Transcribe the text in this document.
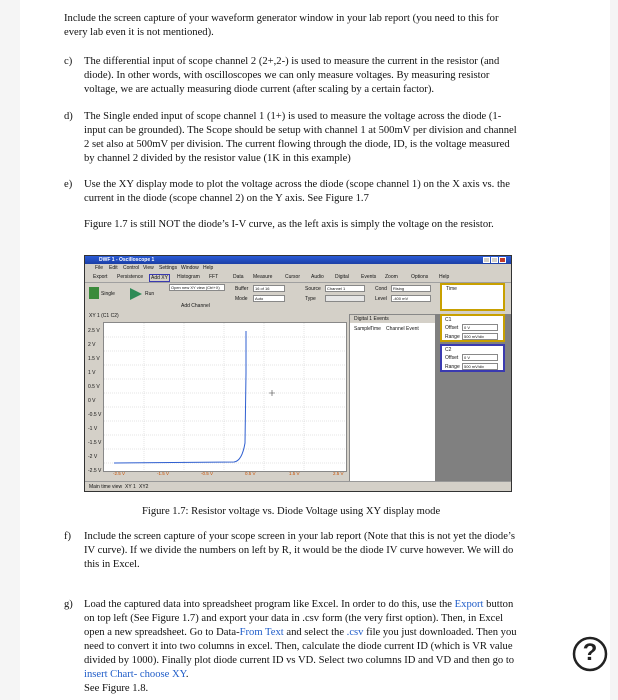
Include the screen capture of your waveform generator window in your lab report (you need to this for every lab even it is not mentioned).
c)	The differential input of scope channel 2 (2+,2-) is used to measure the current in the resistor (and diode). In other words, with oscilloscopes we can only measure voltages. By measuring resistor voltage, we are actually measuring diode current (after scaling by a certain factor).
d)	The Single ended input of scope channel 1 (1+) is used to measure the voltage across the diode (1- input can be grounded). The Scope should be setup with channel 1 at 500mV per division and channel 2 set also at 500mV per division. The current flowing through the diode, ID, is the voltage measured by channel 2 divided by the resistor value (1K in this example)
e)	Use the XY display mode to plot the voltage across the diode (scope channel 1) on the X axis vs. the current in the diode (scope channel 2) on the Y axis. See Figure 1.7
Figure 1.7 is still NOT the diode’s I-V curve, as the left axis is simply the voltage on the resistor.
DWF 1 - Oscilloscope 1
File Edit Control View Settings Window Help
Export Persistence	Add XY	Histogram FFT	Data Measure	Cursor Audio Digital Events Zoom	Options Help
Single	Run
Open new XY view (Ctrl+X)
Add Channel
Buffer	16 of 16
Mode	Auto
Source	Channel 1
Type
Cond	Rising
Level	-400 mV
Time
XY 1 (C1 C2)
2.5 V
2 V
1.5 V
1 V
0.5 V
0 V
-0.5 V
-1 V
-1.5 V
-2 V
-2.5 V	-2.5 V	-1.5 V	-0.5 V	0.5 V	1.5 V	2.5 V
Digital 1 Events
Sample Time Channel Event
C1
Offset	0 V
Range	500 mV/div
C2
Offset	0 V
Range	500 mV/div
Main time view XY 1 XY2
Figure 1.7: Resistor voltage vs. Diode Voltage using XY display mode
f)	Include the screen capture of your scope screen in your lab report (Note that this is not yet the diode’s IV curve). If we divide the numbers on left by R, it would be the diode IV curve however. We will do this in Excel.
g)	Load the captured data into spreadsheet program like Excel. In order to do this, use the Export button on top left (See Figure 1.7) and export your data in .csv form (the very first option). Then, in Excel open a new spreadsheet. Go to Data-From Text and select the .csv file you just downloaded. Then you need to convert it into two columns in excel. Then, calculate the diode current ID (which is VR value divided by 1000). Finally plot diode current ID vs VD. Select two columns ID and VD and then go to insert Chart- choose XY.
See Figure 1.8.
?
